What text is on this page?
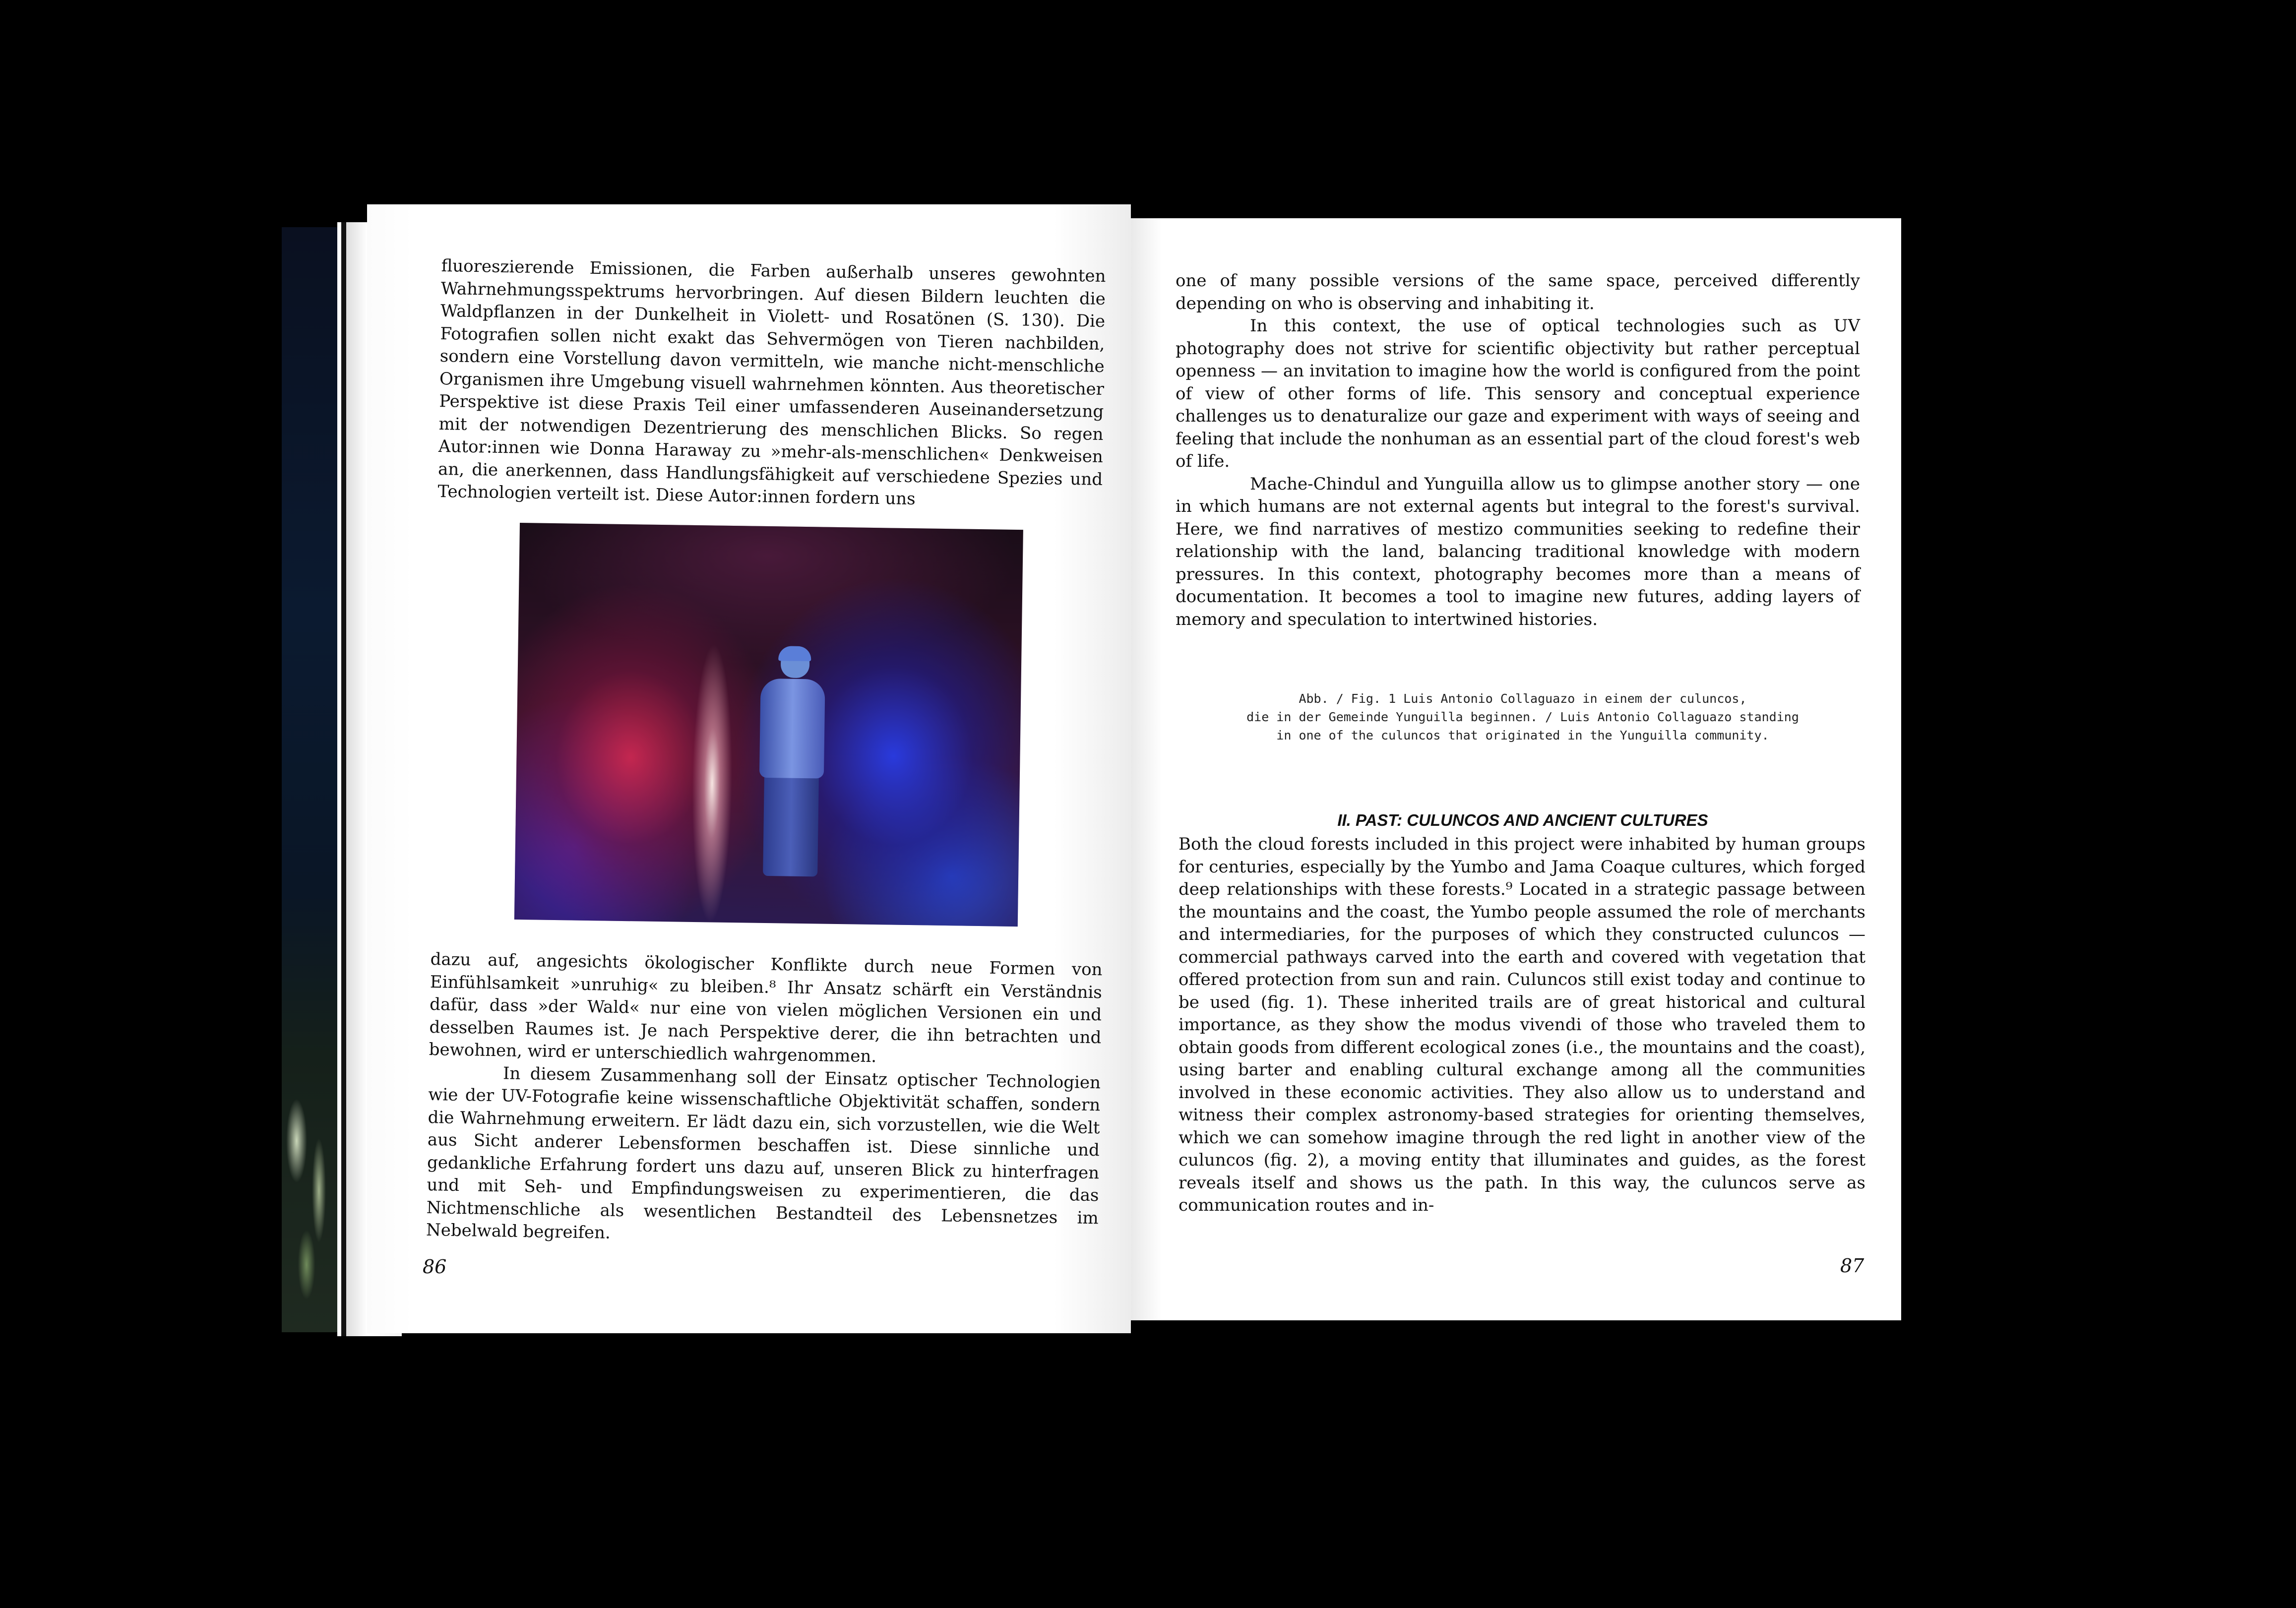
fluoreszierende Emissionen, die Farben außerhalb unseres gewohnten Wahrnehmungsspektrums hervorbringen. Auf diesen Bildern leuchten die Waldpflanzen in der Dunkelheit in Violett- und Rosatönen (S. 130). Die Fotografien sollen nicht exakt das Sehvermögen von Tieren nachbilden, sondern eine Vorstellung davon vermitteln, wie manche nicht-menschliche Organismen ihre Umgebung visuell wahrnehmen könnten. Aus theoretischer Perspektive ist diese Praxis Teil einer umfassenderen Auseinandersetzung mit der notwendigen Dezentrierung des menschlichen Blicks. So regen Autor:innen wie Donna Haraway zu »mehr-als-menschlichen« Denkweisen an, die anerkennen, dass Handlungsfähigkeit auf verschiedene Spezies und Technologien verteilt ist. Diese Autor:innen fordern uns

dazu auf, angesichts ökologischer Konflikte durch neue Formen von Einfühlsamkeit »unruhig« zu bleiben.⁸ Ihr Ansatz schärft ein Verständnis dafür, dass »der Wald« nur eine von vielen möglichen Versionen ein und desselben Raumes ist. Je nach Perspektive derer, die ihn betrachten und bewohnen, wird er unterschiedlich wahrgenommen.

In diesem Zusammenhang soll der Einsatz optischer Technologien wie der UV-Fotografie keine wissenschaftliche Objektivität schaffen, sondern die Wahrnehmung erweitern. Er lädt dazu ein, sich vorzustellen, wie die Welt aus Sicht anderer Lebensformen beschaffen ist. Diese sinnliche und gedankliche Erfahrung fordert uns dazu auf, unseren Blick zu hinterfragen und mit Seh- und Empfindungsweisen zu experimentieren, die das Nichtmenschliche als wesentlichen Bestandteil des Lebensnetzes im Nebelwald begreifen.

86

one of many possible versions of the same space, perceived differently depending on who is observing and inhabiting it.

In this context, the use of optical technologies such as UV photography does not strive for scientific objectivity but rather perceptual openness — an invitation to imagine how the world is configured from the point of view of other forms of life. This sensory and conceptual experience challenges us to denaturalize our gaze and experiment with ways of seeing and feeling that include the nonhuman as an essential part of the cloud forest's web of life.

Mache-Chindul and Yunguilla allow us to glimpse another story — one in which humans are not external agents but integral to the forest's survival. Here, we find narratives of mestizo communities seeking to redefine their relationship with the land, balancing traditional knowledge with modern pressures. In this context, photography becomes more than a means of documentation. It becomes a tool to imagine new futures, adding layers of memory and speculation to intertwined histories.

Abb. / Fig. 1 Luis Antonio Collaguazo in einem der culuncos,
die in der Gemeinde Yunguilla beginnen. / Luis Antonio Collaguazo standing
in one of the culuncos that originated in the Yunguilla community.
II. PAST: CULUNCOS AND ANCIENT CULTURES

Both the cloud forests included in this project were inhabited by human groups for centuries, especially by the Yumbo and Jama Coaque cultures, which forged deep relationships with these forests.⁹ Located in a strategic passage between the mountains and the coast, the Yumbo people assumed the role of merchants and intermediaries, for the purposes of which they constructed culuncos — commercial pathways carved into the earth and covered with vegetation that offered protection from sun and rain. Culuncos still exist today and continue to be used (fig. 1). These inherited trails are of great historical and cultural importance, as they show the modus vivendi of those who traveled them to obtain goods from different ecological zones (i.e., the mountains and the coast), using barter and enabling cultural exchange among all the communities involved in these economic activities. They also allow us to understand and witness their complex astronomy-based strategies for orienting themselves, which we can somehow imagine through the red light in another view of the culuncos (fig. 2), a moving entity that illuminates and guides, as the forest reveals itself and shows us the path. In this way, the culuncos serve as communication routes and in-

87
